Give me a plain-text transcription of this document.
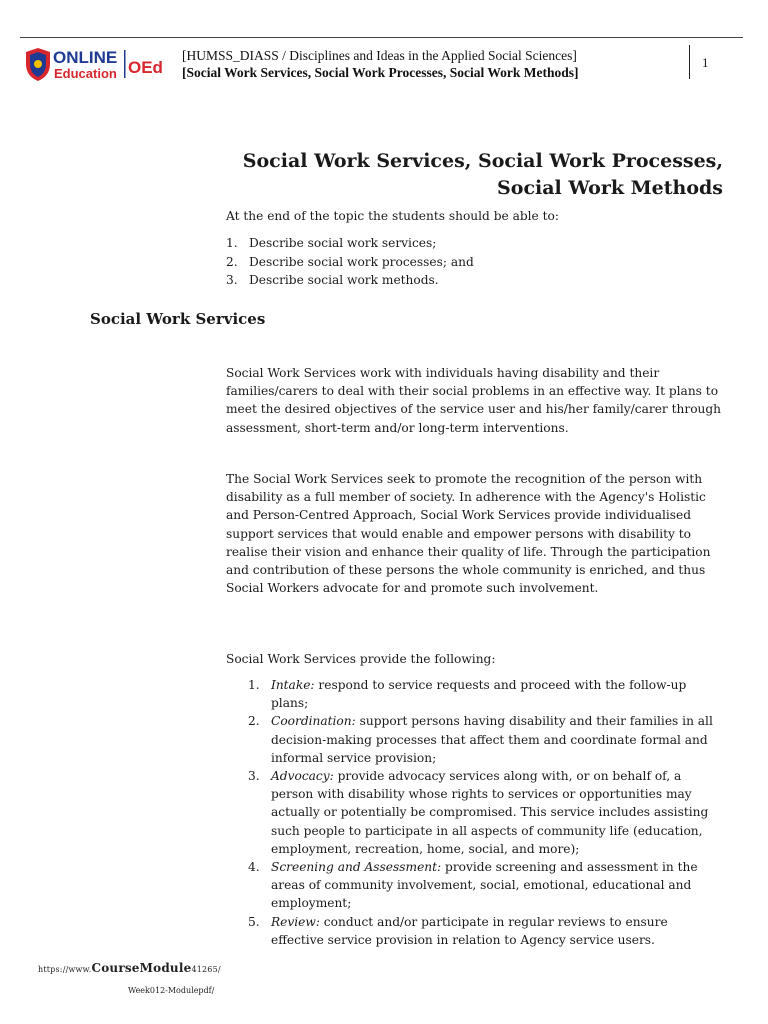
ONLINE
Education OEd
[HUMSS_DIASS / Disciplines and Ideas in the Applied Social Sciences]
[Social Work Services, Social Work Processes, Social Work Methods]
1
Social Work Services, Social Work Processes,
Social Work Methods
At the end of the topic the students should be able to:
1. Describe social work services;
2. Describe social work processes; and
3. Describe social work methods.
Social Work Services

Social Work Services work with individuals having disability and their families/carers to deal with their social problems in an effective way. It plans to meet the desired objectives of the service user and his/her family/carer through assessment, short-term and/or long-term interventions.

The Social Work Services seek to promote the recognition of the person with disability as a full member of society. In adherence with the Agency's Holistic and Person-Centred Approach, Social Work Services provide individualised support services that would enable and empower persons with disability to realise their vision and enhance their quality of life. Through the participation and contribution of these persons the whole community is enriched, and thus Social Workers advocate for and promote such involvement.

Social Work Services provide the following:

1. Intake: respond to service requests and proceed with the follow-up plans;
2. Coordination: support persons having disability and their families in all decision-making processes that affect them and coordinate formal and informal service provision;
3. Advocacy: provide advocacy services along with, or on behalf of, a person with disability whose rights to services or opportunities may actually or potentially be compromised. This service includes assisting such people to participate in all aspects of community life (education, employment, recreation, home, social, and more);
4. Screening and Assessment: provide screening and assessment in the areas of community involvement, social, emotional, educational and employment;
5. Review: conduct and/or participate in regular reviews to ensure effective service provision in relation to Agency service users.
https://www.CourseModule41265/
Week012-Modulepdf/
